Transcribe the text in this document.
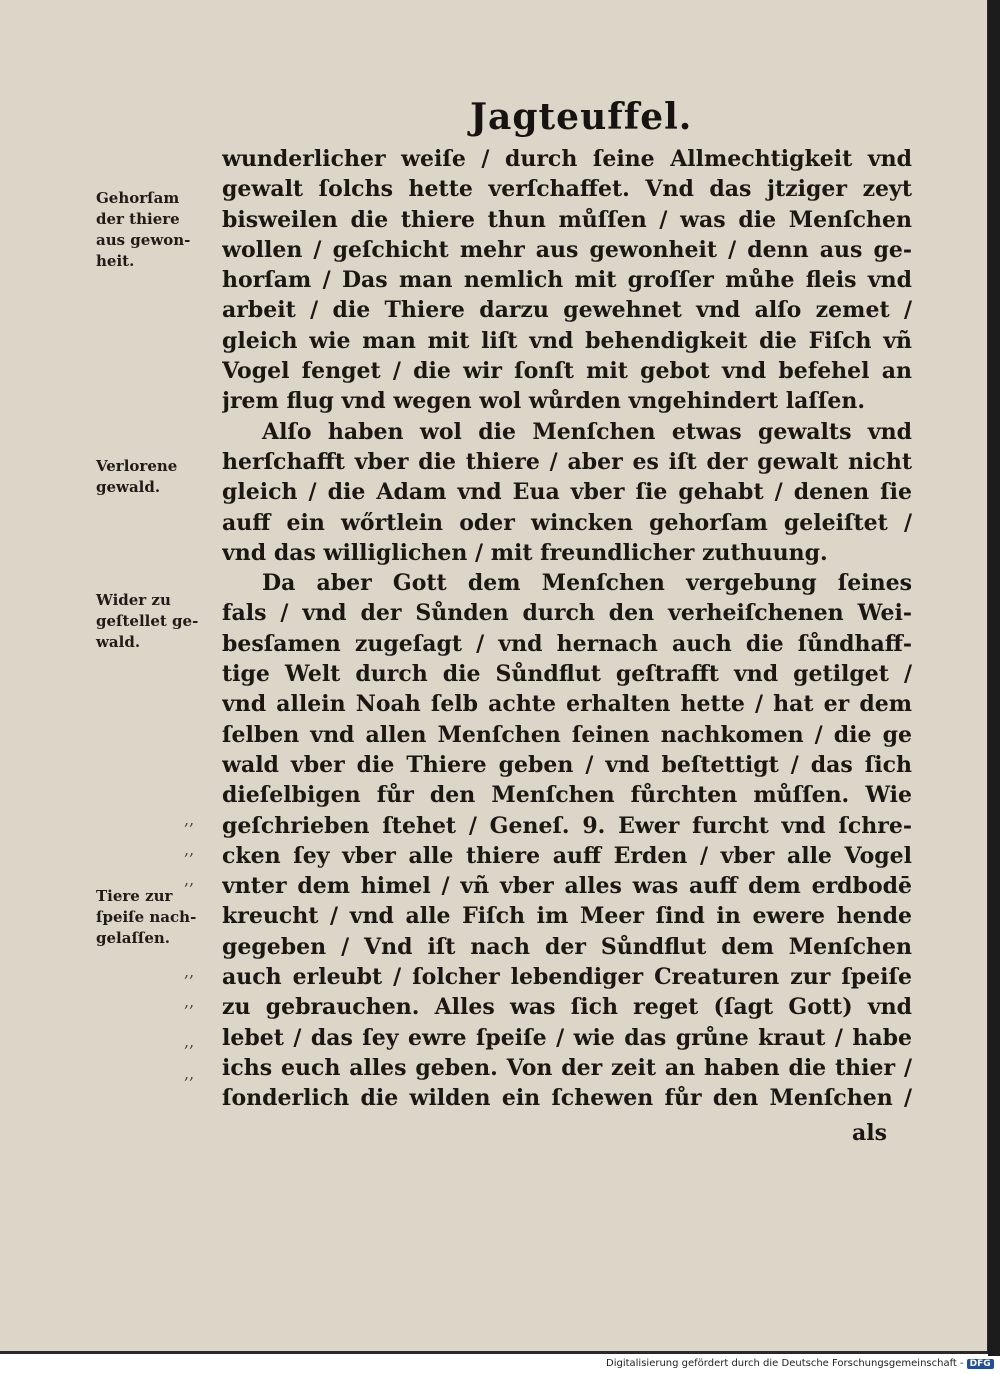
Jagteuffel.
wunderlicher weiſe / durch ſeine Allmechtigkeit vnd
gewalt ſolchs hette verſchaffet. Vnd das jtziger zeyt
bisweilen die thiere thun můſſen / was die Menſchen
wollen / geſchicht mehr aus gewonheit / denn aus ge-
horſam / Das man nemlich mit groſſer můhe fleis vnd
arbeit / die Thiere darzu gewehnet vnd alſo zemet /
gleich wie man mit liſt vnd behendigkeit die Fiſch vñ
Vogel fenget / die wir ſonſt mit gebot vnd befehel an
jrem flug vnd wegen wol wůrden vngehindert laſſen.
Alſo haben wol die Menſchen etwas gewalts vnd
herſchafft vber die thiere / aber es iſt der gewalt nicht
gleich / die Adam vnd Eua vber ſie gehabt / denen ſie
auff ein wőrtlein oder wincken gehorſam geleiſtet /
vnd das williglichen / mit freundlicher zuthuung.
Da aber Gott dem Menſchen vergebung ſeines
fals / vnd der Sůnden durch den verheiſchenen Wei-
besſamen zugeſagt / vnd hernach auch die ſůndhaff-
tige Welt durch die Sůndflut geſtrafft vnd getilget /
vnd allein Noah ſelb achte erhalten hette / hat er dem
ſelben vnd allen Menſchen ſeinen nachkomen / die ge
wald vber die Thiere geben / vnd beſtettigt / das ſich
dieſelbigen fůr den Menſchen fůrchten můſſen. Wie
geſchrieben ſtehet / Geneſ. 9. Ewer furcht vnd ſchre-
cken ſey vber alle thiere auff Erden / vber alle Vogel
vnter dem himel / vñ vber alles was auff dem erdbodē
kreucht / vnd alle Fiſch im Meer ſind in ewere hende
gegeben / Vnd iſt nach der Sůndflut dem Menſchen
auch erleubt / ſolcher lebendiger Creaturen zur ſpeiſe
zu gebrauchen. Alles was ſich reget (ſagt Gott) vnd
lebet / das ſey ewre ſpeiſe / wie das grůne kraut / habe
ichs euch alles geben. Von der zeit an haben die thier /
ſonderlich die wilden ein ſchewen fůr den Menſchen /
als
Gehorſam
der thiere
aus gewon-
heit.
Verlorene
gewald.
Wider zu
geſtellet ge-
wald.
Tiere zur
ſpeiſe nach-
gelaſſen.
,,
,,
,,
,,
,,
,,
,,
Digitalisierung gefördert durch die Deutsche Forschungsgemeinschaft - DFG
